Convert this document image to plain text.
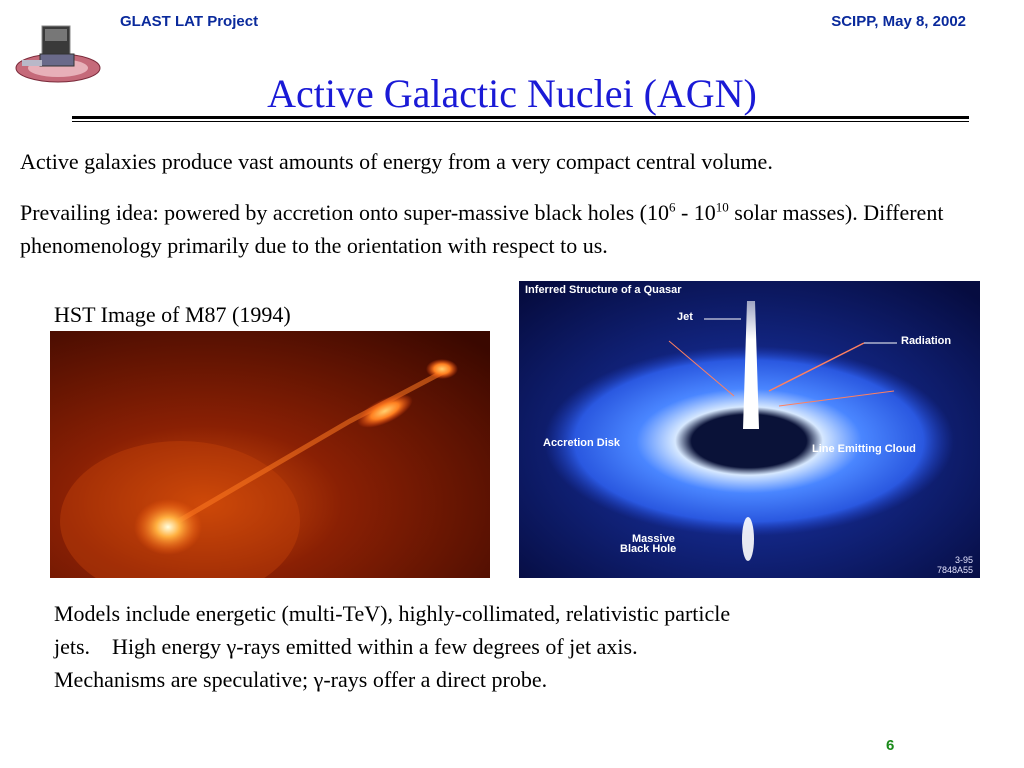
GLAST LAT Project	SCIPP, May 8, 2002
Active Galactic Nuclei (AGN)

Active galaxies produce vast amounts of energy from a very compact central volume.

Prevailing idea: powered by accretion onto super-massive black holes ($10^6 - 10^{10}$ solar masses). Different phenomenology primarily due to the orientation with respect to us.

HST Image of M87 (1994)
Inferred Structure of a Quasar
Jet
Radiation
Accretion Disk	Line Emitting Cloud
Massive
Black Hole
3-95
7848A55
Models include energetic (multi-TeV), highly-collimated, relativistic particle
jets.    High energy γ-rays emitted within a few degrees of jet axis.
Mechanisms are speculative; γ-rays offer a direct probe.
6
